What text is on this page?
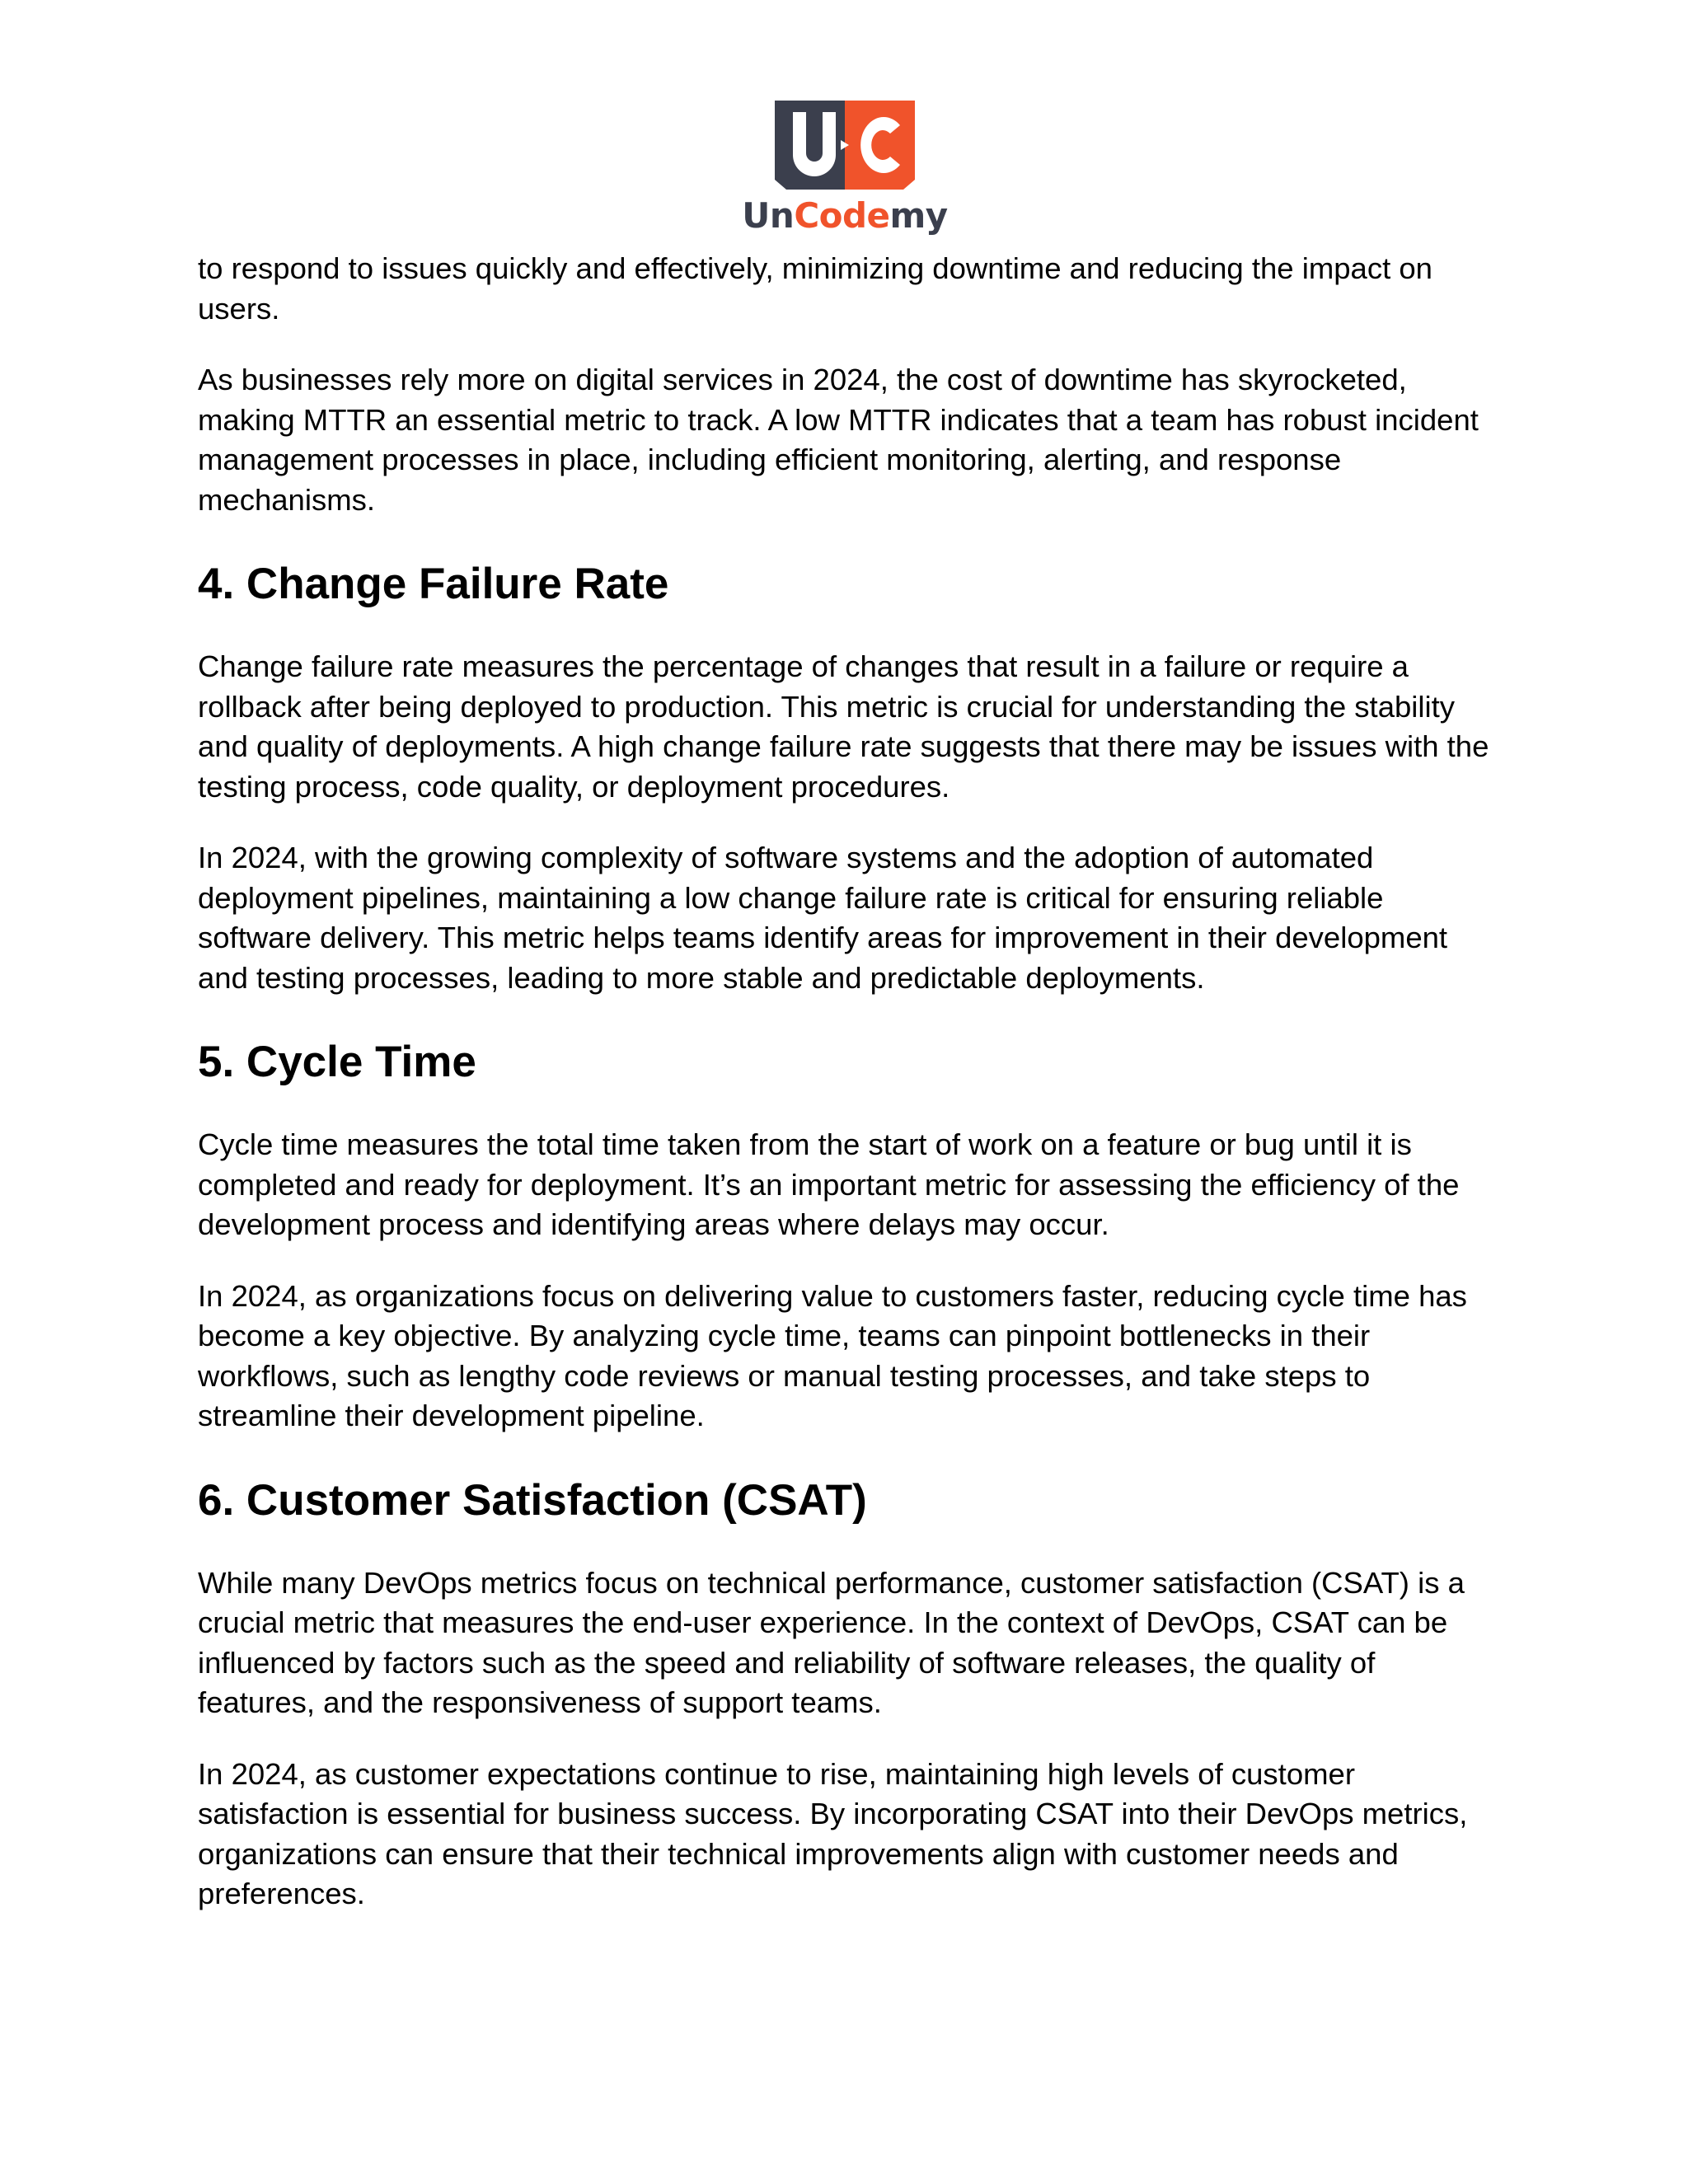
UnCodemy

to respond to issues quickly and effectively, minimizing downtime and reducing the impact on users.

As businesses rely more on digital services in 2024, the cost of downtime has skyrocketed, making MTTR an essential metric to track. A low MTTR indicates that a team has robust incident management processes in place, including efficient monitoring, alerting, and response mechanisms.

4. Change Failure Rate

Change failure rate measures the percentage of changes that result in a failure or require a rollback after being deployed to production. This metric is crucial for understanding the stability and quality of deployments. A high change failure rate suggests that there may be issues with the testing process, code quality, or deployment procedures.

In 2024, with the growing complexity of software systems and the adoption of automated deployment pipelines, maintaining a low change failure rate is critical for ensuring reliable software delivery. This metric helps teams identify areas for improvement in their development and testing processes, leading to more stable and predictable deployments.

5. Cycle Time

Cycle time measures the total time taken from the start of work on a feature or bug until it is completed and ready for deployment. It’s an important metric for assessing the efficiency of the development process and identifying areas where delays may occur.

In 2024, as organizations focus on delivering value to customers faster, reducing cycle time has become a key objective. By analyzing cycle time, teams can pinpoint bottlenecks in their workflows, such as lengthy code reviews or manual testing processes, and take steps to streamline their development pipeline.

6. Customer Satisfaction (CSAT)

While many DevOps metrics focus on technical performance, customer satisfaction (CSAT) is a crucial metric that measures the end-user experience. In the context of DevOps, CSAT can be influenced by factors such as the speed and reliability of software releases, the quality of features, and the responsiveness of support teams.

In 2024, as customer expectations continue to rise, maintaining high levels of customer satisfaction is essential for business success. By incorporating CSAT into their DevOps metrics, organizations can ensure that their technical improvements align with customer needs and preferences.
